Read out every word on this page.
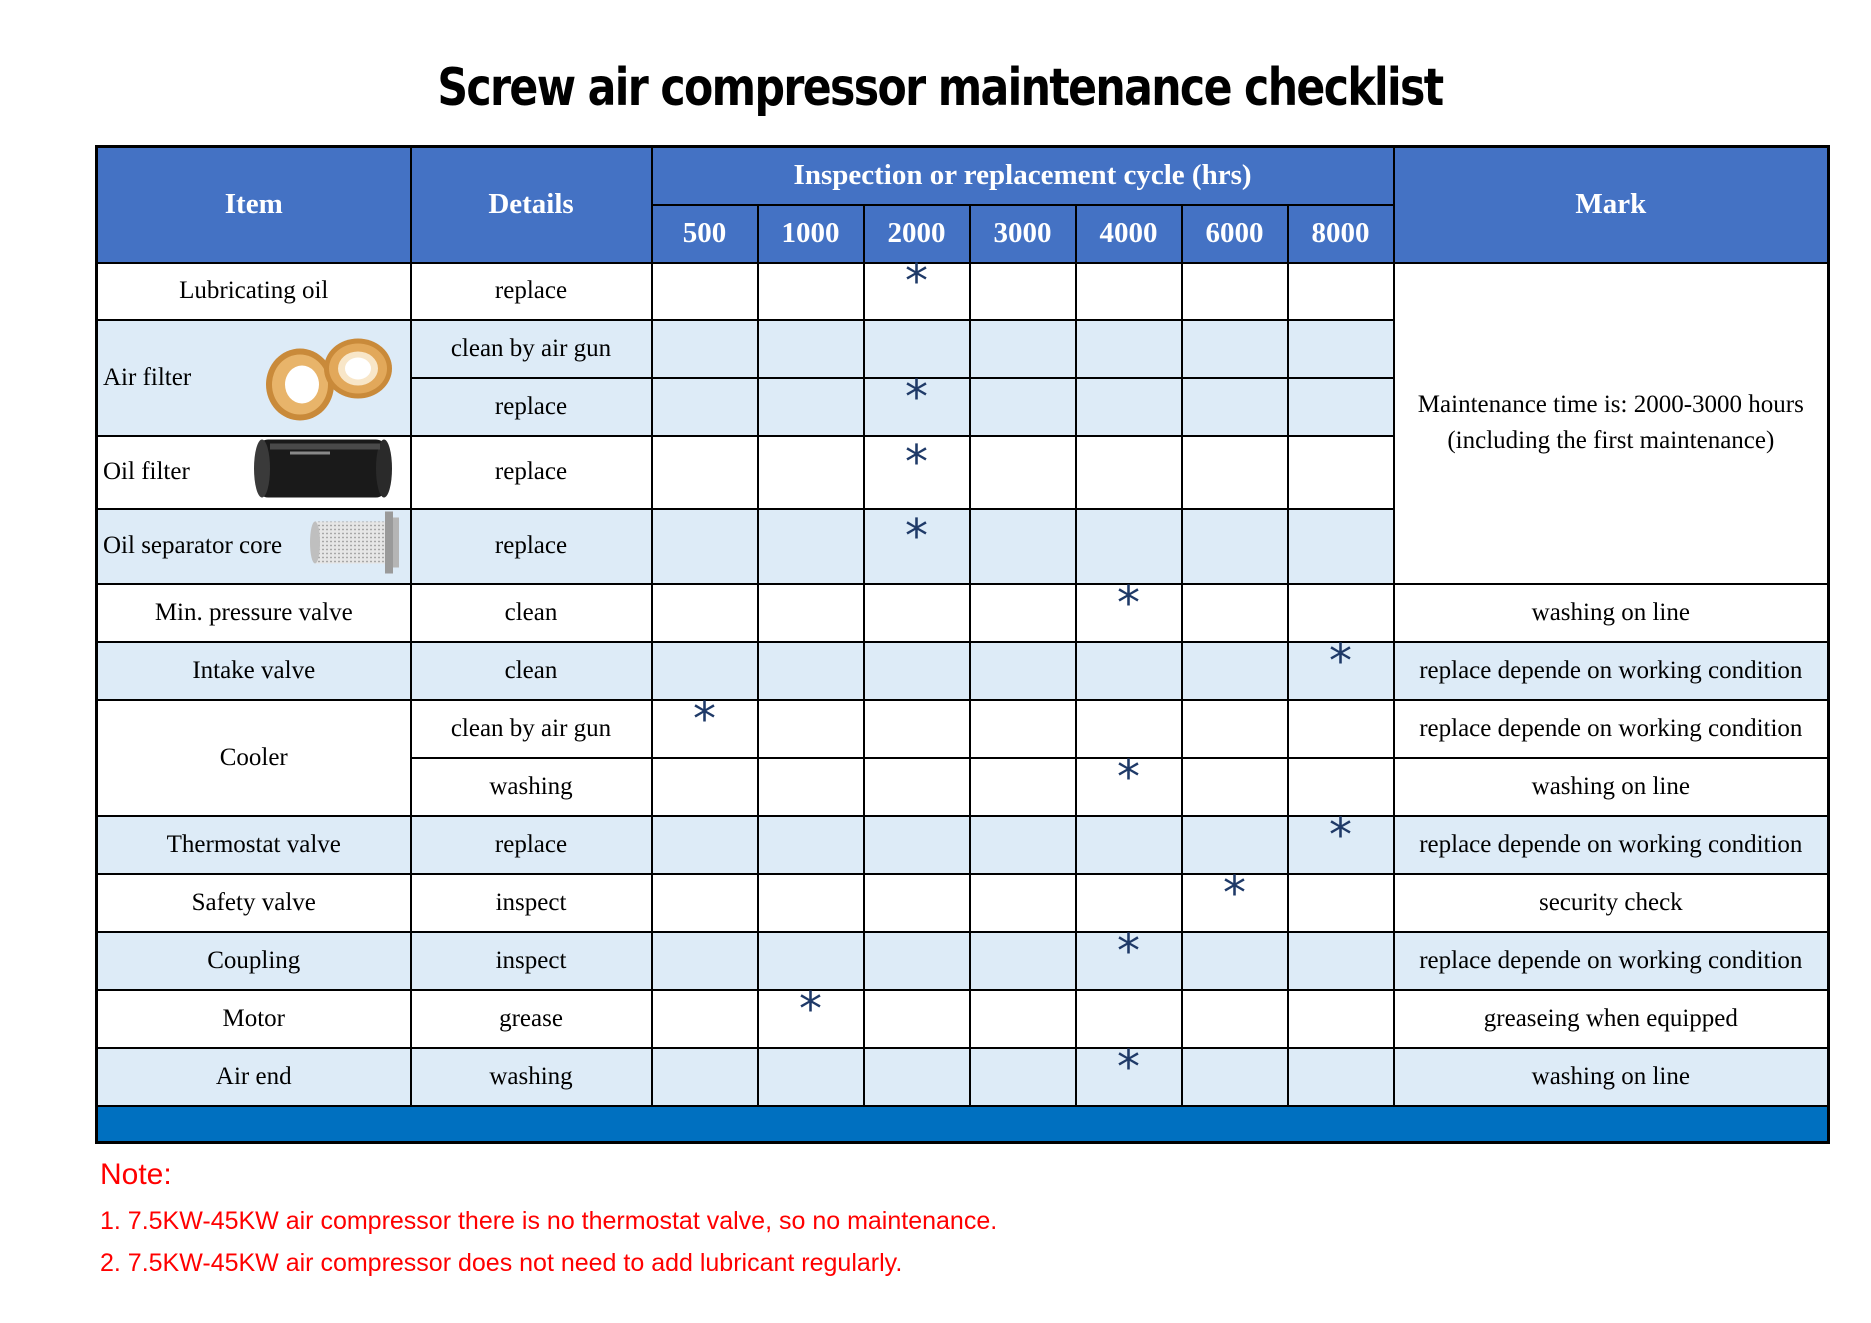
Screw air compressor maintenance checklist
Item	Details	Inspection or replacement cycle (hrs)							Mark
		500	1000	2000	3000	4000	6000	8000	
Lubricating oil	replace			*					Maintenance time is: 2000-3000 hours
(including the first maintenance)

Air filter	clean by air gun								
	replace			*					
Oil filter	replace			*					
Oil separator core	replace			*					
Min. pressure valve	clean					*			washing on line
Intake valve	clean							*	replace depende on working condition
Cooler	clean by air gun	*							replace depende on working condition
	washing					*			washing on line
Thermostat valve	replace							*	replace depende on working condition
Safety valve	inspect						*		security check
Coupling	inspect					*			replace depende on working condition
Motor	grease		*						greaseing when equipped
Air end	washing					*			washing on line

Note:
1. 7.5KW-45KW air compressor there is no thermostat valve, so no maintenance.
2. 7.5KW-45KW air compressor does not need to add lubricant regularly.
